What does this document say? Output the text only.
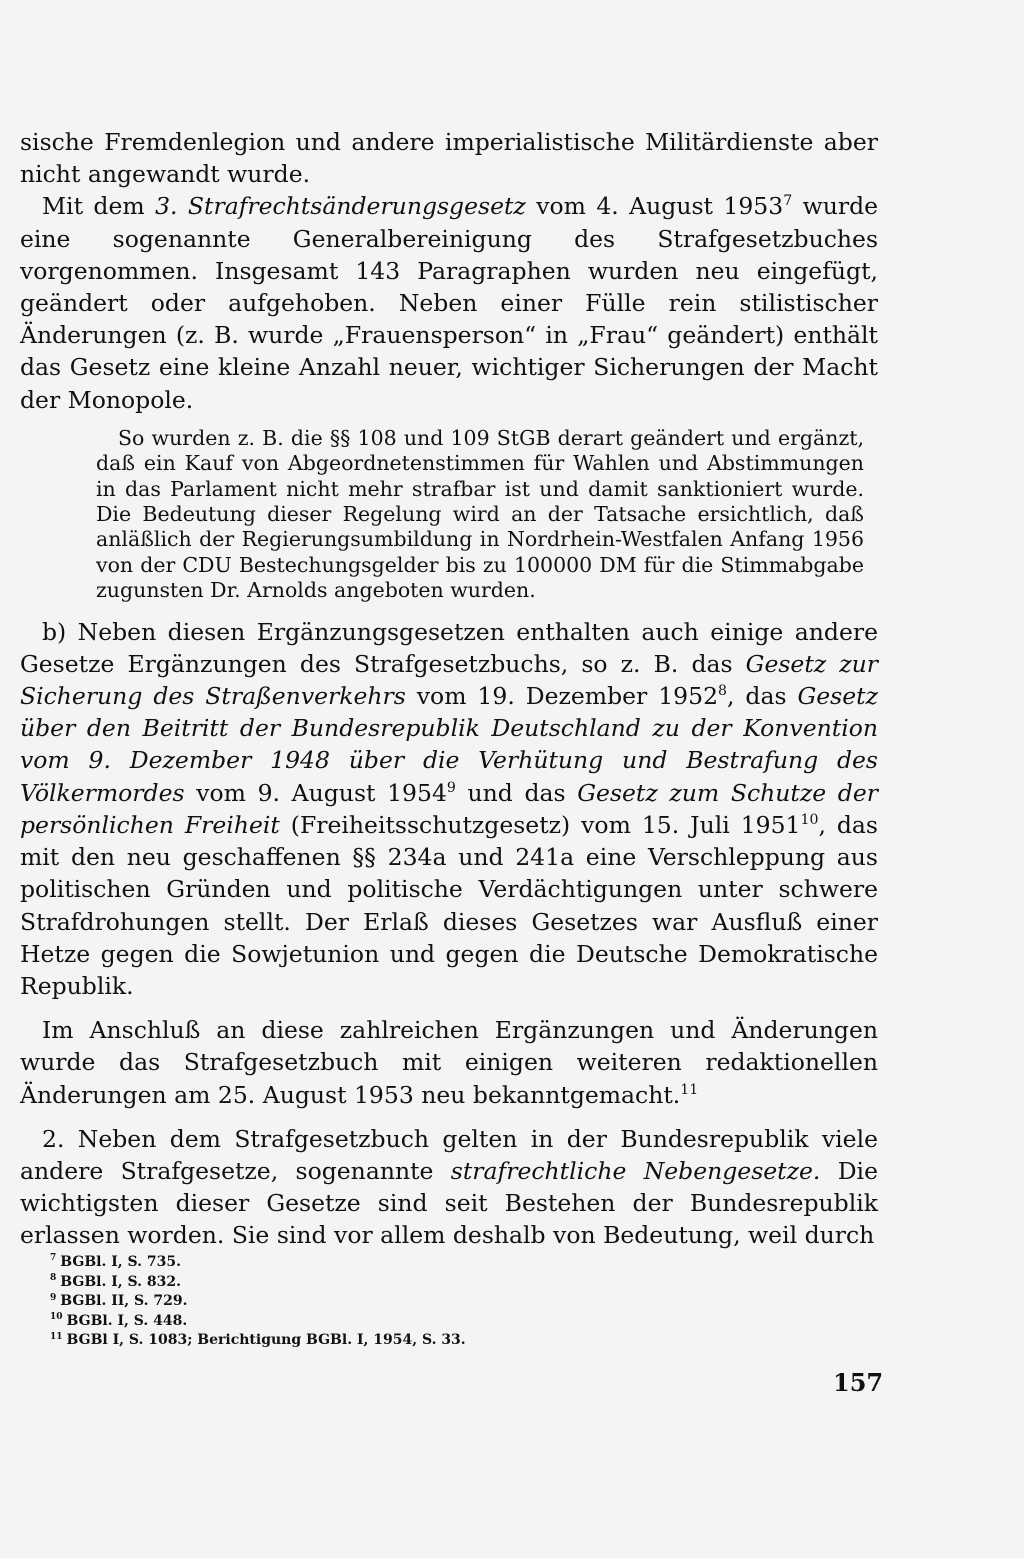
sische Fremdenlegion und andere imperialistische Militärdienste aber nicht angewandt wurde.

Mit dem 3. Strafrechtsänderungsgesetz vom 4. August 1953$^7$ wurde eine sogenannte Generalbereinigung des Strafgesetzbuches vorgenommen. Insgesamt 143 Paragraphen wurden neu eingefügt, geändert oder aufgehoben. Neben einer Fülle rein stilistischer Änderungen (z. B. wurde „Frauensperson“ in „Frau“ geändert) enthält das Gesetz eine kleine Anzahl neuer, wichtiger Sicherungen der Macht der Monopole.

So wurden z. B. die §§ 108 und 109 StGB derart geändert und ergänzt, daß ein Kauf von Abgeordnetenstimmen für Wahlen und Abstimmungen in das Parlament nicht mehr strafbar ist und damit sanktioniert wurde. Die Bedeutung dieser Regelung wird an der Tatsache ersichtlich, daß anläßlich der Regierungsumbildung in Nordrhein-Westfalen Anfang 1956 von der CDU Bestechungsgelder bis zu 100000 DM für die Stimmabgabe zugunsten Dr. Arnolds angeboten wurden.

b) Neben diesen Ergänzungsgesetzen enthalten auch einige andere Gesetze Ergänzungen des Strafgesetzbuchs, so z. B. das Gesetz zur Sicherung des Straßenverkehrs vom 19. Dezember 1952$^8$, das Gesetz über den Beitritt der Bundesrepublik Deutschland zu der Konvention vom 9. Dezember 1948 über die Verhütung und Bestrafung des Völkermordes vom 9. August 1954$^9$ und das Gesetz zum Schutze der persönlichen Freiheit (Freiheitsschutzgesetz) vom 15. Juli 1951$^{10}$, das mit den neu geschaffenen §§ 234a und 241a eine Verschleppung aus politischen Gründen und politische Verdächtigungen unter schwere Strafdrohungen stellt. Der Erlaß dieses Gesetzes war Ausfluß einer Hetze gegen die Sowjetunion und gegen die Deutsche Demokratische Republik.

Im Anschluß an diese zahlreichen Ergänzungen und Änderungen wurde das Strafgesetzbuch mit einigen weiteren redaktionellen Änderungen am 25. August 1953 neu bekanntgemacht.$^{11}$

2. Neben dem Strafgesetzbuch gelten in der Bundesrepublik viele andere Strafgesetze, sogenannte strafrechtliche Nebengesetze. Die wichtigsten dieser Gesetze sind seit Bestehen der Bundesrepublik erlassen worden. Sie sind vor allem deshalb von Bedeutung, weil durch

$^7$ BGBl. I, S. 735.
$^8$ BGBl. I, S. 832.
$^9$ BGBl. II, S. 729.
$^{10}$ BGBl. I, S. 448.
$^{11}$ BGBl I, S. 1083; Berichtigung BGBl. I, 1954, S. 33.
157
